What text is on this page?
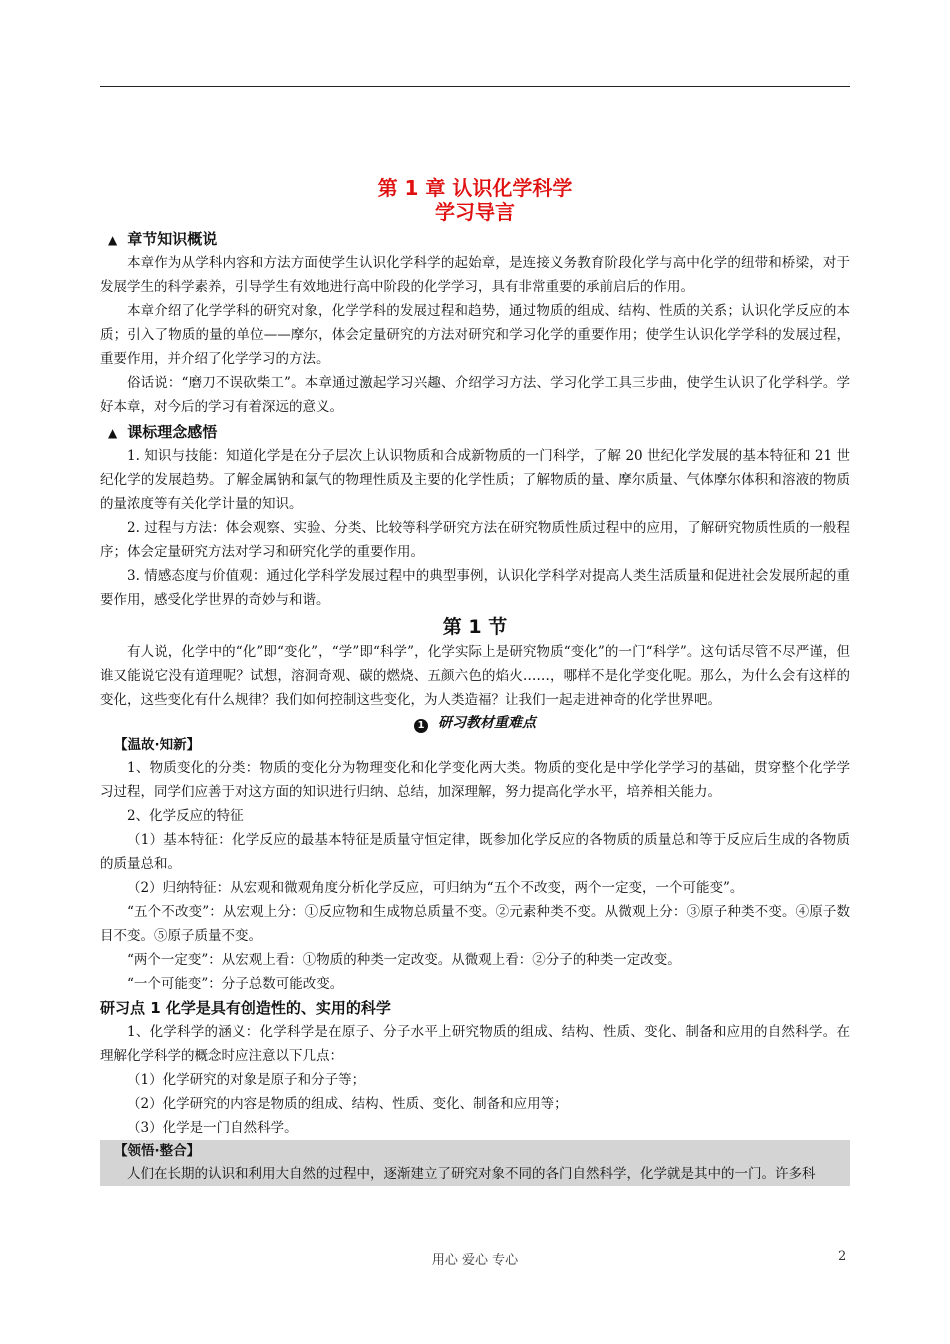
第 1 章 认识化学科学
学习导言
▲ 章节知识概说

本章作为从学科内容和方法方面使学生认识化学科学的起始章，是连接义务教育阶段化学与高中化学的纽带和桥梁，对于发展学生的科学素养，引导学生有效地进行高中阶段的化学学习，具有非常重要的承前启后的作用。

本章介绍了化学学科的研究对象，化学学科的发展过程和趋势，通过物质的组成、结构、性质的关系；认识化学反应的本质；引入了物质的量的单位——摩尔，体会定量研究的方法对研究和学习化学的重要作用；使学生认识化学学科的发展过程，重要作用，并介绍了化学学习的方法。

俗话说：“磨刀不误砍柴工”。本章通过激起学习兴趣、介绍学习方法、学习化学工具三步曲，使学生认识了化学科学。学好本章，对今后的学习有着深远的意义。

▲ 课标理念感悟

1. 知识与技能：知道化学是在分子层次上认识物质和合成新物质的一门科学，了解 20 世纪化学发展的基本特征和 21 世纪化学的发展趋势。了解金属钠和氯气的物理性质及主要的化学性质；了解物质的量、摩尔质量、气体摩尔体积和溶液的物质的量浓度等有关化学计量的知识。

2. 过程与方法：体会观察、实验、分类、比较等科学研究方法在研究物质性质过程中的应用，了解研究物质性质的一般程序；体会定量研究方法对学习和研究化学的重要作用。

3. 情感态度与价值观：通过化学科学发展过程中的典型事例，认识化学科学对提高人类生活质量和促进社会发展所起的重要作用，感受化学世界的奇妙与和谐。

第 1 节

有人说，化学中的“化”即“变化”，“学”即“科学”，化学实际上是研究物质“变化”的一门“科学”。这句话尽管不尽严谨，但谁又能说它没有道理呢？试想，溶洞奇观、碳的燃烧、五颜六色的焰火……，哪样不是化学变化呢。那么，为什么会有这样的变化，这些变化有什么规律？我们如何控制这些变化，为人类造福？让我们一起走进神奇的化学世界吧。

1 研习教材重难点
【温故·知新】

1、物质变化的分类：物质的变化分为物理变化和化学变化两大类。物质的变化是中学化学学习的基础，贯穿整个化学学习过程，同学们应善于对这方面的知识进行归纳、总结，加深理解，努力提高化学水平，培养相关能力。

2、化学反应的特征

（1）基本特征：化学反应的最基本特征是质量守恒定律，既参加化学反应的各物质的质量总和等于反应后生成的各物质的质量总和。

（2）归纳特征：从宏观和微观角度分析化学反应，可归纳为“五个不改变，两个一定变，一个可能变”。

“五个不改变”：从宏观上分：①反应物和生成物总质量不变。②元素种类不变。从微观上分：③原子种类不变。④原子数目不变。⑤原子质量不变。

“两个一定变”：从宏观上看：①物质的种类一定改变。从微观上看：②分子的种类一定改变。

“一个可能变”：分子总数可能改变。

研习点 1 化学是具有创造性的、实用的科学

1、化学科学的涵义：化学科学是在原子、分子水平上研究物质的组成、结构、性质、变化、制备和应用的自然科学。在理解化学科学的概念时应注意以下几点：

（1）化学研究的对象是原子和分子等；

（2）化学研究的内容是物质的组成、结构、性质、变化、制备和应用等；

（3）化学是一门自然科学。

【领悟·整合】

人们在长期的认识和利用大自然的过程中，逐渐建立了研究对象不同的各门自然科学，化学就是其中的一门。许多科

用心 爱心 专心	2
